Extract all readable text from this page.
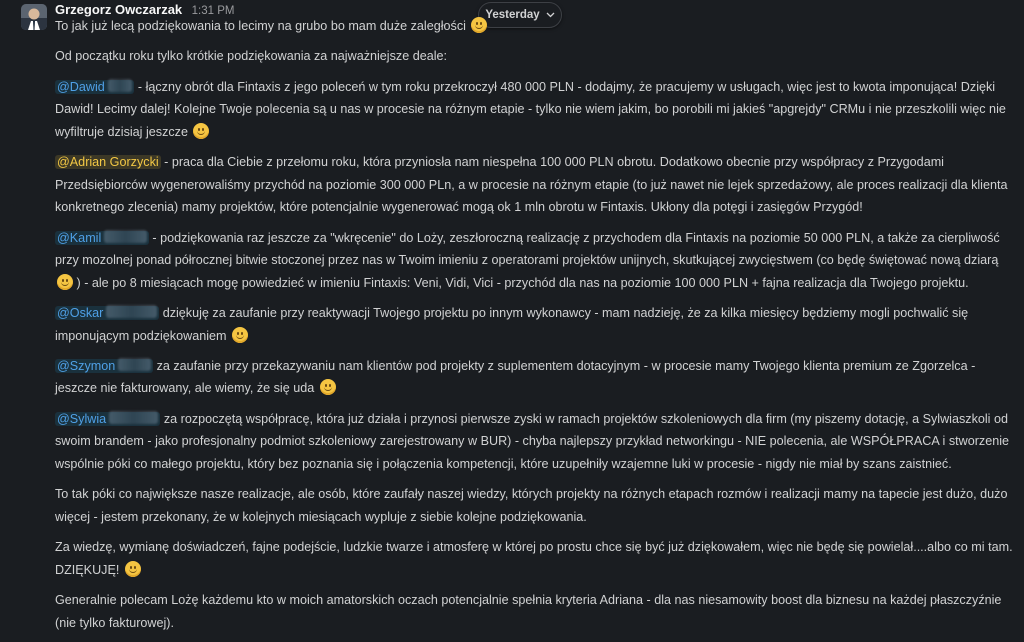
Grzegorz Owczarzak 1:31 PM	Yesterday

To jak już lecą podziękowania to lecimy na grubo bo mam duże zaległości

Od początku roku tylko krótkie podziękowania za najważniejsze deale:

@Dawid - łączny obrót dla Fintaxis z jego poleceń w tym roku przekroczył 480 000 PLN - dodajmy, że pracujemy w usługach, więc jest to kwota imponująca! Dzięki Dawid! Lecimy dalej! Kolejne Twoje polecenia są u nas w procesie na różnym etapie - tylko nie wiem jakim, bo porobili mi jakieś "apgrejdy" CRMu i nie przeszkolili więc nie wyfiltruje dzisiaj jeszcze

@Adrian Gorzycki - praca dla Ciebie z przełomu roku, która przyniosła nam niespełna 100 000 PLN obrotu. Dodatkowo obecnie przy współpracy z Przygodami Przedsiębiorców wygenerowaliśmy przychód na poziomie 300 000 PLn, a w procesie na różnym etapie (to już nawet nie lejek sprzedażowy, ale proces realizacji dla klienta konkretnego zlecenia) mamy projektów, które potencjalnie wygenerować mogą ok 1 mln obrotu w Fintaxis. Ukłony dla potęgi i zasięgów Przygód!

@Kamil	- podziękowania raz jeszcze za "wkręcenie" do Loży, zeszłoroczną realizację z przychodem dla Fintaxis na poziomie 50 000 PLN, a także za cierpliwość przy mozolnej ponad półrocznej bitwie stoczonej przez nas w Twoim imieniu z operatorami projektów unijnych, skutkującej zwycięstwem (co będę świętować nową dziarą
) - ale po 8 miesiącach mogę powiedzieć w imieniu Fintaxis: Veni, Vidi, Vici - przychód dla nas na poziomie 100 000 PLN + fajna realizacja dla Twojego projektu.

@Oskar	dziękuję za zaufanie przy reaktywacji Twojego projektu po innym wykonawcy - mam nadzieję, że za kilka miesięcy będziemy mogli pochwalić się imponującym podziękowaniem

@Szymon	za zaufanie przy przekazywaniu nam klientów pod projekty z suplementem dotacyjnym - w procesie mamy Twojego klienta premium ze Zgorzelca - jeszcze nie fakturowany, ale wiemy, że się uda

@Sylwia	za rozpoczętą współpracę, która już działa i przynosi pierwsze zyski w ramach projektów szkoleniowych dla firm (my piszemy dotację, a Sylwiaszkoli od swoim brandem - jako profesjonalny podmiot szkoleniowy zarejestrowany w BUR) - chyba najlepszy przykład networkingu - NIE polecenia, ale WSPÓŁPRACA i stworzenie wspólnie póki co małego projektu, który bez poznania się i połączenia kompetencji, które uzupełniły wzajemne luki w procesie - nigdy nie miał by szans zaistnieć.

To tak póki co największe nasze realizacje, ale osób, które zaufały naszej wiedzy, których projekty na różnych etapach rozmów i realizacji mamy na tapecie jest dużo, dużo więcej - jestem przekonany, że w kolejnych miesiącach wypluje z siebie kolejne podziękowania.

Za wiedzę, wymianę doświadczeń, fajne podejście, ludzkie twarze i atmosferę w której po prostu chce się być już dziękowałem, więc nie będę się powielał....albo co mi tam. DZIĘKUJĘ!

Generalnie polecam Lożę każdemu kto w moich amatorskich oczach potencjalnie spełnia kryteria Adriana - dla nas niesamowity boost dla biznesu na każdej płaszczyźnie (nie tylko fakturowej).
